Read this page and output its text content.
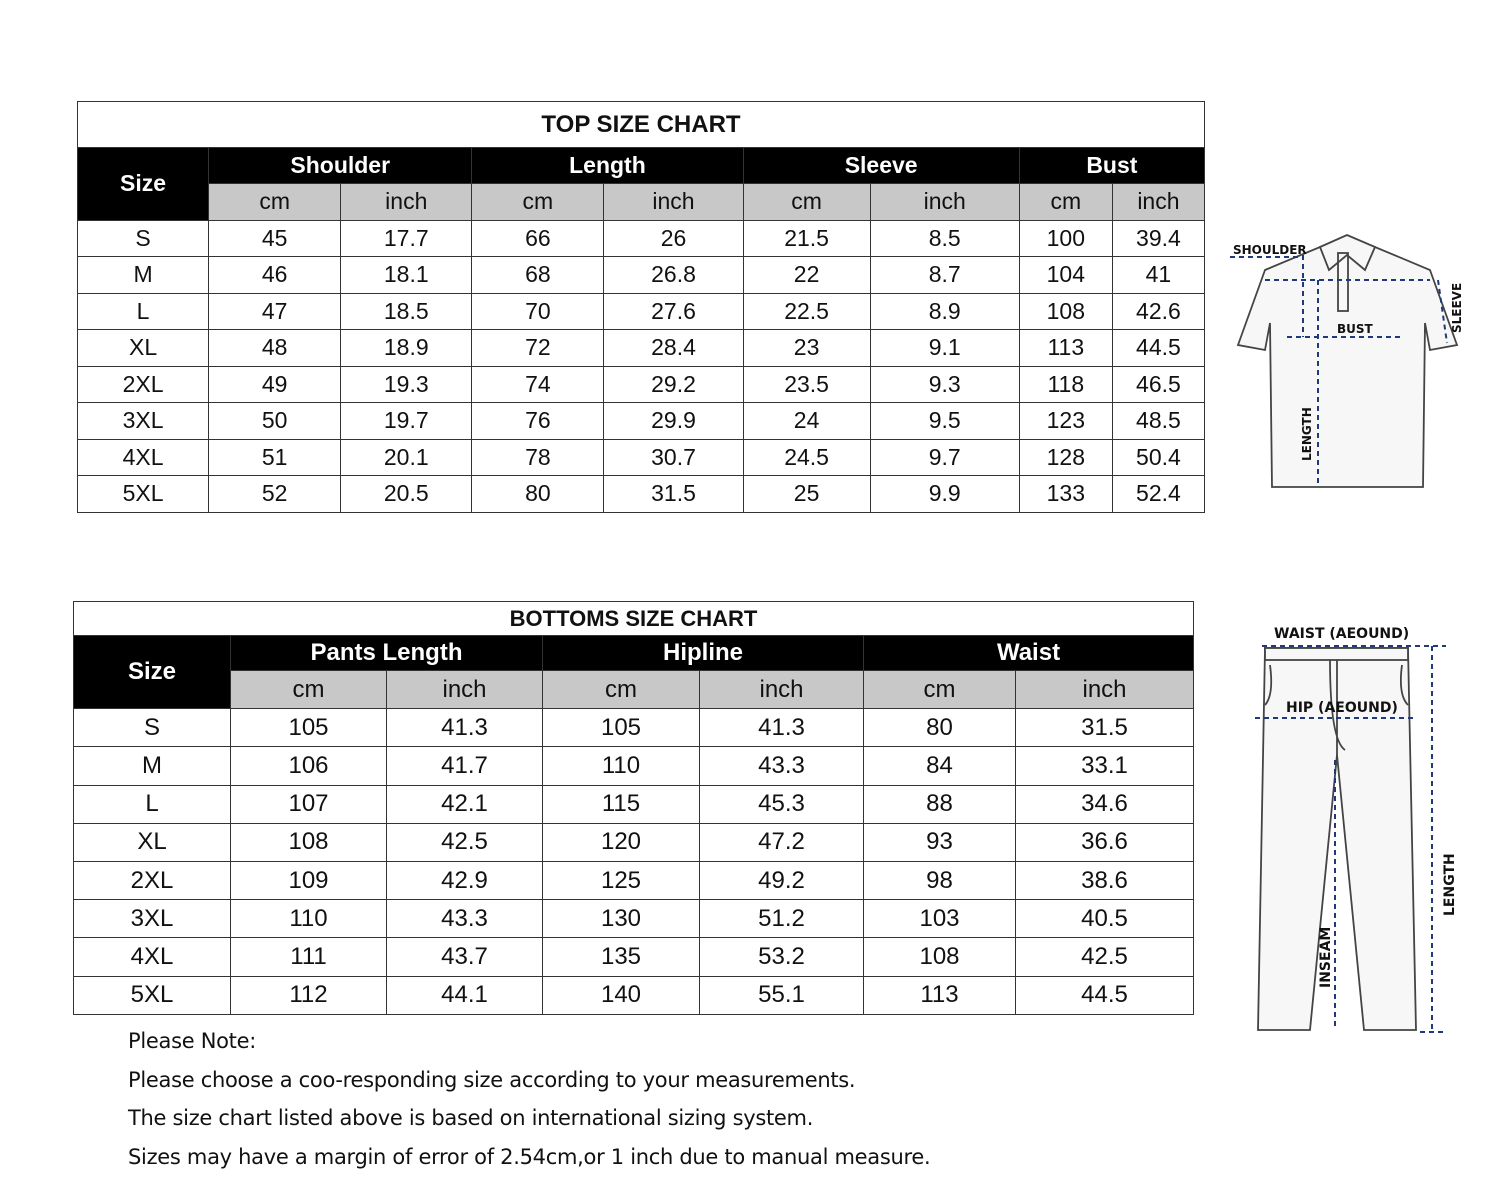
TOP SIZE CHART								
Size	Shoulder		Length		Sleeve		Bust	
	cm	inch	cm	inch	cm	inch	cm	inch
S	45	17.7	66	26	21.5	8.5	100	39.4
M	46	18.1	68	26.8	22	8.7	104	41
L	47	18.5	70	27.6	22.5	8.9	108	42.6
XL	48	18.9	72	28.4	23	9.1	113	44.5
2XL	49	19.3	74	29.2	23.5	9.3	118	46.5
3XL	50	19.7	76	29.9	24	9.5	123	48.5
4XL	51	20.1	78	30.7	24.5	9.7	128	50.4
5XL	52	20.5	80	31.5	25	9.9	133	52.4
SHOULDER
BUST	SLEEVE
LENGTH
BOTTOMS SIZE CHART						
Size	Pants Length		Hipline		Waist	
	cm	inch	cm	inch	cm	inch
S	105	41.3	105	41.3	80	31.5
M	106	41.7	110	43.3	84	33.1
L	107	42.1	115	45.3	88	34.6
XL	108	42.5	120	47.2	93	36.6
2XL	109	42.9	125	49.2	98	38.6
3XL	110	43.3	130	51.2	103	40.5
4XL	111	43.7	135	53.2	108	42.5
5XL	112	44.1	140	55.1	113	44.5
WAIST (AEOUND)
HIP (AEOUND)
INSEAM
LENGTH
Please Note:
Please choose a coo-responding size according to your measurements.
The size chart listed above is based on international sizing system.
Sizes may have a margin of error of 2.54cm,or 1 inch due to manual measure.
